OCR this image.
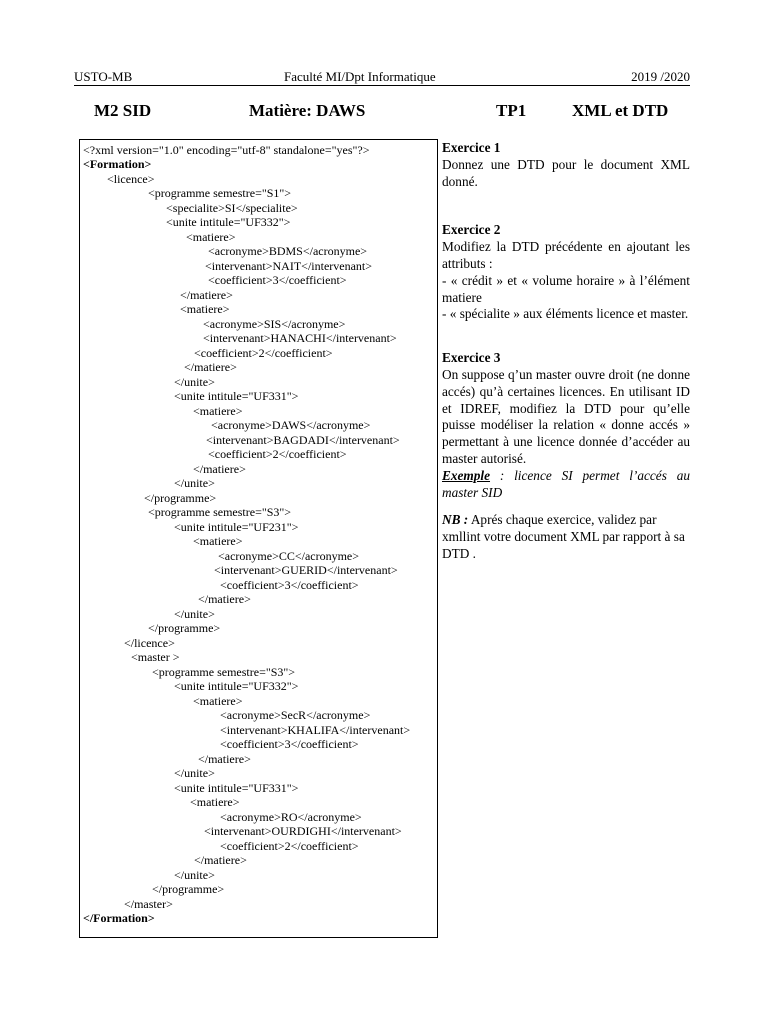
USTO-MB	Faculté MI/Dpt Informatique	2019 /2020
M2 SID	Matière: DAWS	TP1	XML et DTD
<?xml version="1.0" encoding="utf-8" standalone="yes"?>
<Formation>
<licence>
<programme semestre="S1">
<specialite>SI</specialite>
<unite intitule="UF332">
<matiere>
<acronyme>BDMS</acronyme>
<intervenant>NAIT</intervenant>
<coefficient>3</coefficient>
</matiere>
<matiere>
<acronyme>SIS</acronyme>
<intervenant>HANACHI</intervenant>
<coefficient>2</coefficient>
</matiere>
</unite>
<unite intitule="UF331">
<matiere>
<acronyme>DAWS</acronyme>
<intervenant>BAGDADI</intervenant>
<coefficient>2</coefficient>
</matiere>
</unite>
</programme>
<programme semestre="S3">
<unite intitule="UF231">
<matiere>
<acronyme>CC</acronyme>
<intervenant>GUERID</intervenant>
<coefficient>3</coefficient>
</matiere>
</unite>
</programme>
</licence>
<master >
<programme semestre="S3">
<unite intitule="UF332">
<matiere>
<acronyme>SecR</acronyme>
<intervenant>KHALIFA</intervenant>
<coefficient>3</coefficient>
</matiere>
</unite>
<unite intitule="UF331">
<matiere>
<acronyme>RO</acronyme>
<intervenant>OURDIGHI</intervenant>
<coefficient>2</coefficient>
</matiere>
</unite>
</programme>
</master>
</Formation>
Exercice 1
Donnez une DTD pour le document XML donné.
Exercice 2
Modifiez la DTD précédente en ajoutant les attributs :
- « crédit » et « volume horaire » à l’élément matiere
- « spécialite » aux éléments licence et master.
Exercice 3
On suppose q’un master ouvre droit (ne donne accés) qu’à certaines licences. En utilisant ID et IDREF, modifiez la DTD pour qu’elle puisse modéliser la relation « donne accés » permettant à une licence donnée d’accéder au master autorisé.
Exemple : licence SI permet l’accés au master SID
NB : Aprés chaque exercice, validez par xmllint votre document XML par rapport à sa DTD .
